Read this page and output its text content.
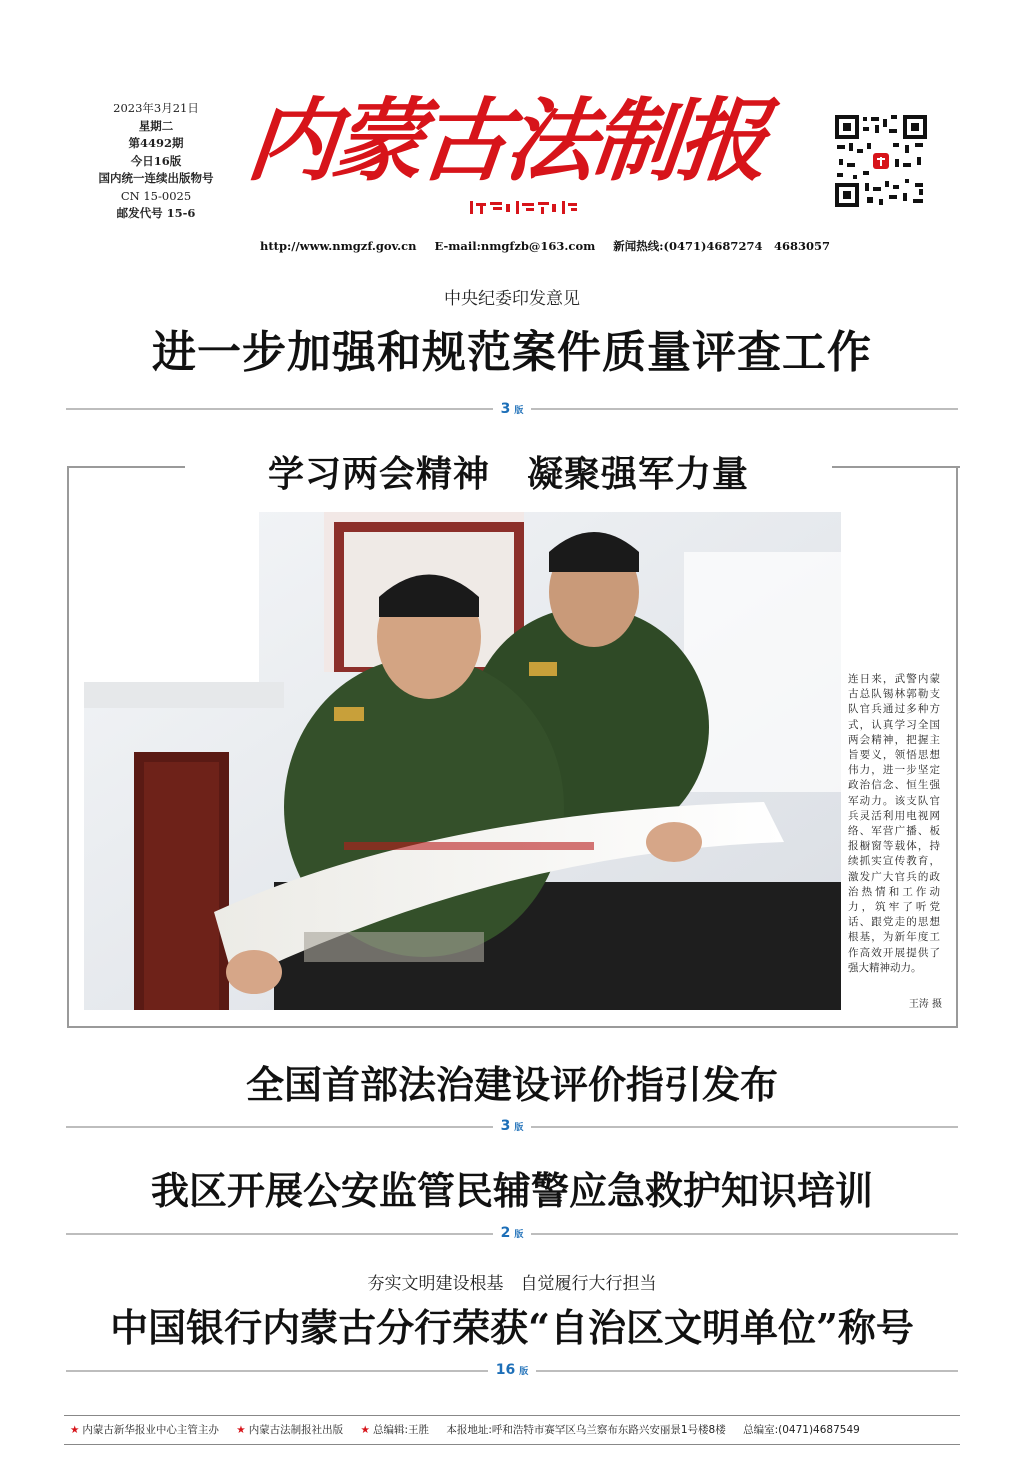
2023年3月21日
星期二
第4492期
今日16版
国内统一连续出版物号
CN 15-0025
邮发代号 15-6
内蒙古法制报
http://www.nmgzf.gov.cn E-mail:nmgfzb@163.com 新闻热线:(0471)4687274　4683057
中央纪委印发意见
进一步加强和规范案件质量评查工作
3 版
学习两会精神　凝聚强军力量
连日来，武警内蒙古总队锡林郭勒支队官兵通过多种方式，认真学习全国两会精神，把握主旨要义，领悟思想伟力，进一步坚定政治信念、恒生强军动力。该支队官兵灵活利用电视网络、军营广播、板报橱窗等载体，持续抓实宣传教育，激发广大官兵的政治热情和工作动力，筑牢了听党话、跟党走的思想根基，为新年度工作高效开展提供了强大精神动力。
王涛 摄
全国首部法治建设评价指引发布
3 版
我区开展公安监管民辅警应急救护知识培训
2 版
夯实文明建设根基　自觉履行大行担当
中国银行内蒙古分行荣获“自治区文明单位”称号
16 版
★ 内蒙古新华报业中心主管主办 ★ 内蒙古法制报社出版 ★ 总编辑:王胜 本报地址:呼和浩特市赛罕区乌兰察布东路兴安丽景1号楼8楼 总编室:(0471)4687549
